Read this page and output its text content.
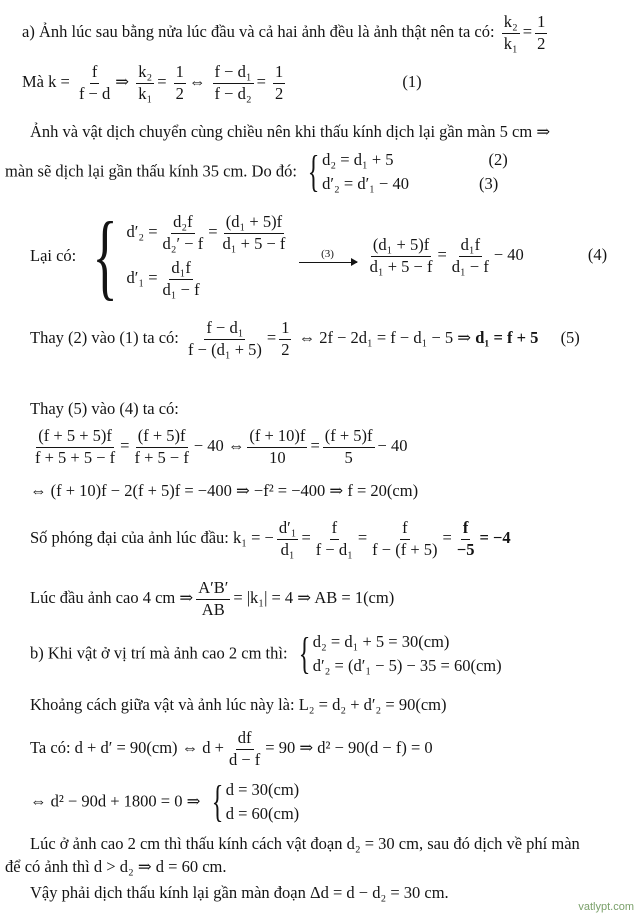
a) Ảnh lúc sau bằng nửa lúc đầu và cả hai ảnh đều là ảnh thật nên ta có: $\frac{\text{k₂}}{\text{k₁}} = \frac{1}{2}$
Mà $k = \frac{f}{f - d}$ ⇒ $\frac{\text{k₂}}{\text{k₁}} = \frac{1}{2}$ ⇔ $\frac{\text{f − d₁}}{\text{f − d₂}} = \frac{1}{2}$	(1)
Ảnh và vật dịch chuyển cùng chiều nên khi thấu kính dịch lại gần màn 5 cm ⇒
màn sẽ dịch lại gần thấu kính 35 cm. Do đó: { d₂ = d₁ + 5	(2)
d′₂ = d′₁ − 40	(3)
Lại có: { $d'_2 = \frac{\text{d₂f}}{\text{d₂′ − f}} = \frac{\text{(d₁ + 5)f}}{\text{d₁ + 5 − f}}$
$d'_1 = \frac{\text{d₁f}}{\text{d₁ − f}}$

(3)
$\frac{\text{(d₁ + 5)f}}{\text{d₁ + 5 − f}} = \frac{\text{d₁f}}{\text{d₁ − f}} - 40$	(4)
Thay (2) vào (1) ta có: $\frac{\text{f − d₁}}{\text{f − (d₁ + 5)}} = \frac{1}{2}$ ⇔ 2f − 2d₁ = f − d₁ − 5 ⇒ d₁ = f + 5 (5)
Thay (5) vào (4) ta có:
$\frac{(f + 5 + 5)f}{f + 5 + 5 - f} = \frac{(f + 5)f}{f + 5 - f} - 40$ ⇔ $\frac{(f + 10)f}{10} = \frac{(f + 5)f}{5} - 40$
⇔ (f + 10)f − 2(f + 5)f = −400 ⇒ −f² = −400 ⇒ f = 20(cm)
Số phóng đại của ảnh lúc đầu: k₁ = − $\frac{\text{d′₁}}{\text{d₁}} = \frac{f}{\text{f − d₁}} = \frac{f}{f - (f + 5)} = \frac{f}{-5} = -4$
Lúc đầu ảnh cao 4 cm ⇒ $\frac{A'B'}{AB} = |k_1| = 4$ ⇒ AB = 1(cm)
b) Khi vật ở vị trí mà ảnh cao 2 cm thì: { d₂ = d₁ + 5 = 30(cm)
d′₂ = (d′₁ − 5) − 35 = 60(cm)
Khoảng cách giữa vật và ảnh lúc này là: L₂ = d₂ + d′₂ = 90(cm)
Ta có: d + d′ = 90(cm) ⇔ $d + \frac{df}{d - f} = 90$ ⇒ d² − 90(d − f) = 0
⇔ d² − 90d + 1800 = 0 ⇒ { d = 30(cm)
d = 60(cm)
Lúc ở ảnh cao 2 cm thì thấu kính cách vật đoạn d₂ = 30 cm, sau đó dịch về phí màn
để có ảnh thì d > d₂ ⇒ d = 60 cm.
Vậy phải dịch thấu kính lại gần màn đoạn Δd = d − d₂ = 30 cm.
vatlypt.com
